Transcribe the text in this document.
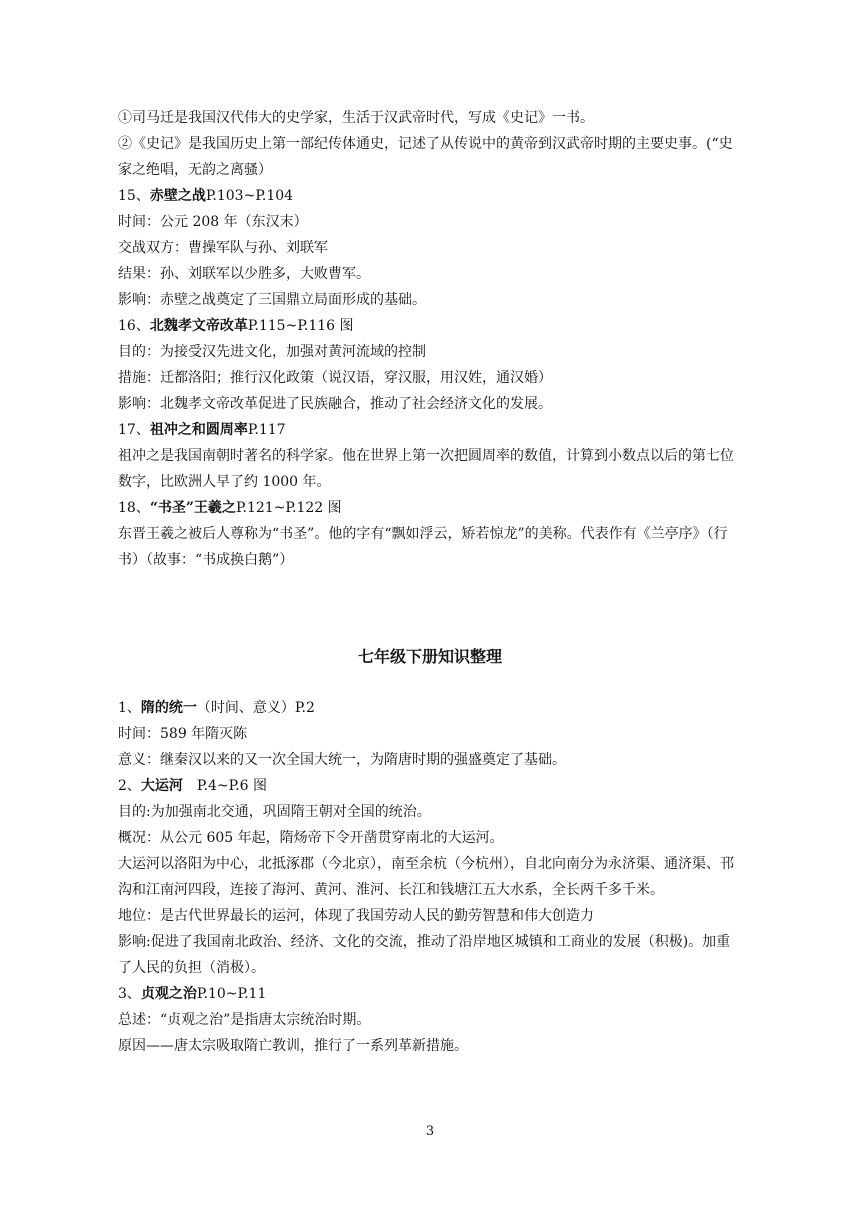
①司马迁是我国汉代伟大的史学家，生活于汉武帝时代，写成《史记》一书。
②《史记》是我国历史上第一部纪传体通史，记述了从传说中的黄帝到汉武帝时期的主要史事。(“史家之绝唱，无韵之离骚）
15、赤壁之战P.103~P.104
时间：公元 208 年（东汉末）
交战双方：曹操军队与孙、刘联军
结果：孙、刘联军以少胜多，大败曹军。
影响：赤壁之战奠定了三国鼎立局面形成的基础。
16、北魏孝文帝改革P.115~P.116 图
目的：为接受汉先进文化，加强对黄河流域的控制
措施：迁都洛阳；推行汉化政策（说汉语，穿汉服，用汉姓，通汉婚）
影响：北魏孝文帝改革促进了民族融合，推动了社会经济文化的发展。
17、祖冲之和圆周率P.117
祖冲之是我国南朝时著名的科学家。他在世界上第一次把圆周率的数值，计算到小数点以后的第七位数字，比欧洲人早了约 1000 年。
18、“书圣”王羲之P.121~P.122 图
东晋王羲之被后人尊称为“书圣”。他的字有“飘如浮云，矫若惊龙”的美称。代表作有《兰亭序》（行书）（故事：“书成换白鹅”）
七年级下册知识整理
1、隋的统一（时间、意义）P.2
时间：589 年隋灭陈
意义：继秦汉以来的又一次全国大统一，为隋唐时期的强盛奠定了基础。
2、大运河　P.4~P.6 图
目的:为加强南北交通，巩固隋王朝对全国的统治。
概况：从公元 605 年起，隋炀帝下令开凿贯穿南北的大运河。
大运河以洛阳为中心，北抵涿郡（今北京），南至余杭（今杭州），自北向南分为永济渠、通济渠、邗沟和江南河四段，连接了海河、黄河、淮河、长江和钱塘江五大水系，全长两千多千米。
地位：是古代世界最长的运河，体现了我国劳动人民的勤劳智慧和伟大创造力
影响:促进了我国南北政治、经济、文化的交流，推动了沿岸地区城镇和工商业的发展（积极)。加重了人民的负担（消极）。
3、贞观之治P.10~P.11
总述：“贞观之治”是指唐太宗统治时期。
原因——唐太宗吸取隋亡教训，推行了一系列革新措施。
3
